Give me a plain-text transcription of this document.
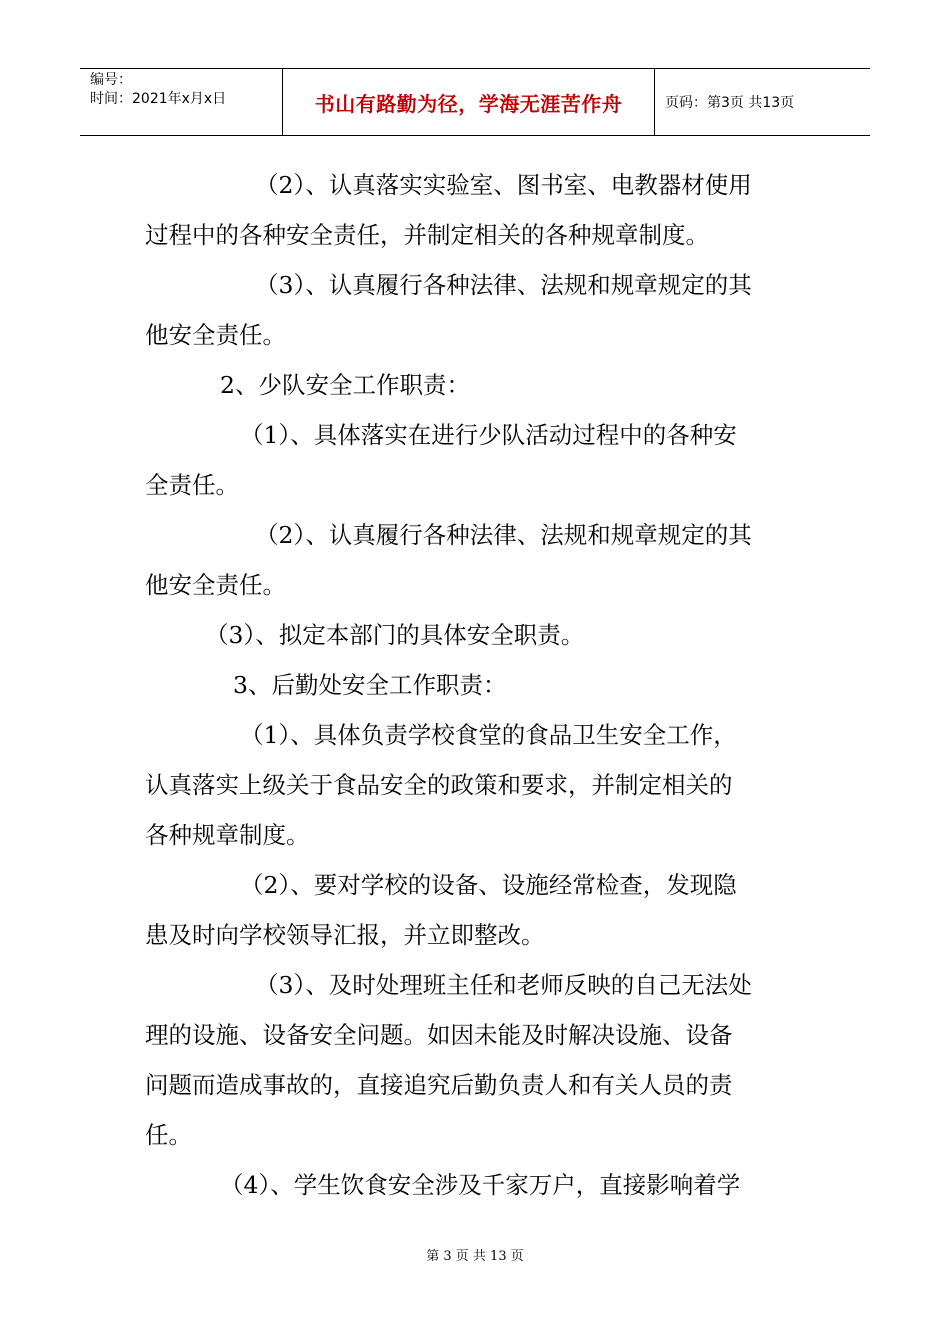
编号：
时间：2021年x月x日	书山有路勤为径，学海无涯苦作舟	页码：第3页 共13页
（2）、认真落实实验室、图书室、电教器材使用
过程中的各种安全责任，并制定相关的各种规章制度。
（3）、认真履行各种法律、法规和规章规定的其
他安全责任。
2、少队安全工作职责：
（1）、具体落实在进行少队活动过程中的各种安
全责任。
（2）、认真履行各种法律、法规和规章规定的其
他安全责任。
（3）、拟定本部门的具体安全职责。
3、后勤处安全工作职责：
（1）、具体负责学校食堂的食品卫生安全工作，
认真落实上级关于食品安全的政策和要求，并制定相关的
各种规章制度。
（2）、要对学校的设备、设施经常检查，发现隐
患及时向学校领导汇报，并立即整改。
（3）、及时处理班主任和老师反映的自己无法处
理的设施、设备安全问题。如因未能及时解决设施、设备
问题而造成事故的，直接追究后勤负责人和有关人员的责
任。
（4）、学生饮食安全涉及千家万户，直接影响着学
第 3 页 共 13 页
